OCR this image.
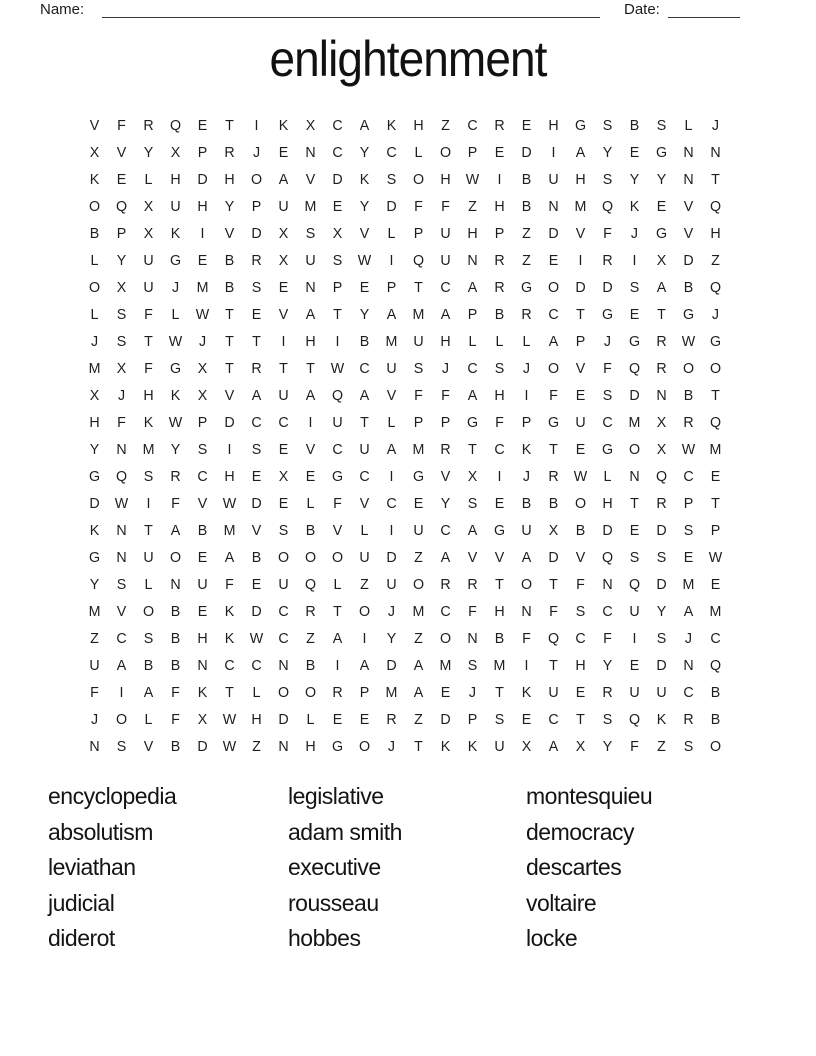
Name:	Date:
enlightenment
V	F	R	Q	E	T	I	K	X	C	A	K	H	Z	C	R	E	H	G	S	B	S	L	J
X	V	Y	X	P	R	J	E	N	C	Y	C	L	O	P	E	D	I	A	Y	E	G	N	N
K	E	L	H	D	H	O	A	V	D	K	S	O	H	W	I	B	U	H	S	Y	Y	N	T
O	Q	X	U	H	Y	P	U	M	E	Y	D	F	F	Z	H	B	N	M	Q	K	E	V	Q
B	P	X	K	I	V	D	X	S	X	V	L	P	U	H	P	Z	D	V	F	J	G	V	H
L	Y	U	G	E	B	R	X	U	S	W	I	Q	U	N	R	Z	E	I	R	I	X	D	Z
O	X	U	J	M	B	S	E	N	P	E	P	T	C	A	R	G	O	D	D	S	A	B	Q
L	S	F	L	W	T	E	V	A	T	Y	A	M	A	P	B	R	C	T	G	E	T	G	J
J	S	T	W	J	T	T	I	H	I	B	M	U	H	L	L	L	A	P	J	G	R	W G
M	X	F	G	X	T	R	T	T	W	C	U	S	J	C	S	J	O	V	F	Q	R	O	O
X	J	H	K	X	V	A	U	A	Q	A	V	F	F	A	H	I	F	E	S	D	N	B	T
H	F	K	W	P	D	C	C	I	U	T	L	P	P	G	F	P	G	U	C	M	X	R	Q
Y	N	M	Y	S	I	S	E	V	C	U	A	M	R	T	C	K	T	E	G	O	X	W M
G	Q	S	R	C	H	E	X	E	G	C	I	G	V	X	I	J	R	W	L	N	Q	C	E
D	W	I	F	V	W	D	E	L	F	V	C	E	Y	S	E	B	B	O	H	T	R	P	T
K	N	T	A	B	M	V	S	B	V	L	I	U	C	A	G	U	X	B	D	E	D	S	P
G	N	U	O	E	A	B	O	O	O	U	D	Z	A	V	V	A	D	V	Q	S	S	E	W
Y	S	L	N	U	F	E	U	Q	L	Z	U	O	R	R	T	O	T	F	N	Q	D	M	E
M	V	O	B	E	K	D	C	R	T	O	J	M	C	F	H	N	F	S	C	U	Y	A	M
Z	C	S	B	H	K	W	C	Z	A	I	Y	Z	O	N	B	F	Q	C	F	I	S	J	C
U	A	B	B	N	C	C	N	B	I	A	D	A	M	S	M	I	T	H	Y	E	D	N	Q
F	I	A	F	K	T	L	O	O	R	P	M	A	E	J	T	K	U	E	R	U	U	C	B
J	O	L	F	X	W	H	D	L	E	E	R	Z	D	P	S	E	C	T	S	Q	K	R	B
N	S	V	B	D	W	Z	N	H	G	O	J	T	K	K	U	X	A	X	Y	F	Z	S	O
encyclopedia
absolutism
leviathan
judicial
diderot
legislative
adam smith
executive
rousseau
hobbes
montesquieu
democracy
descartes
voltaire
locke
